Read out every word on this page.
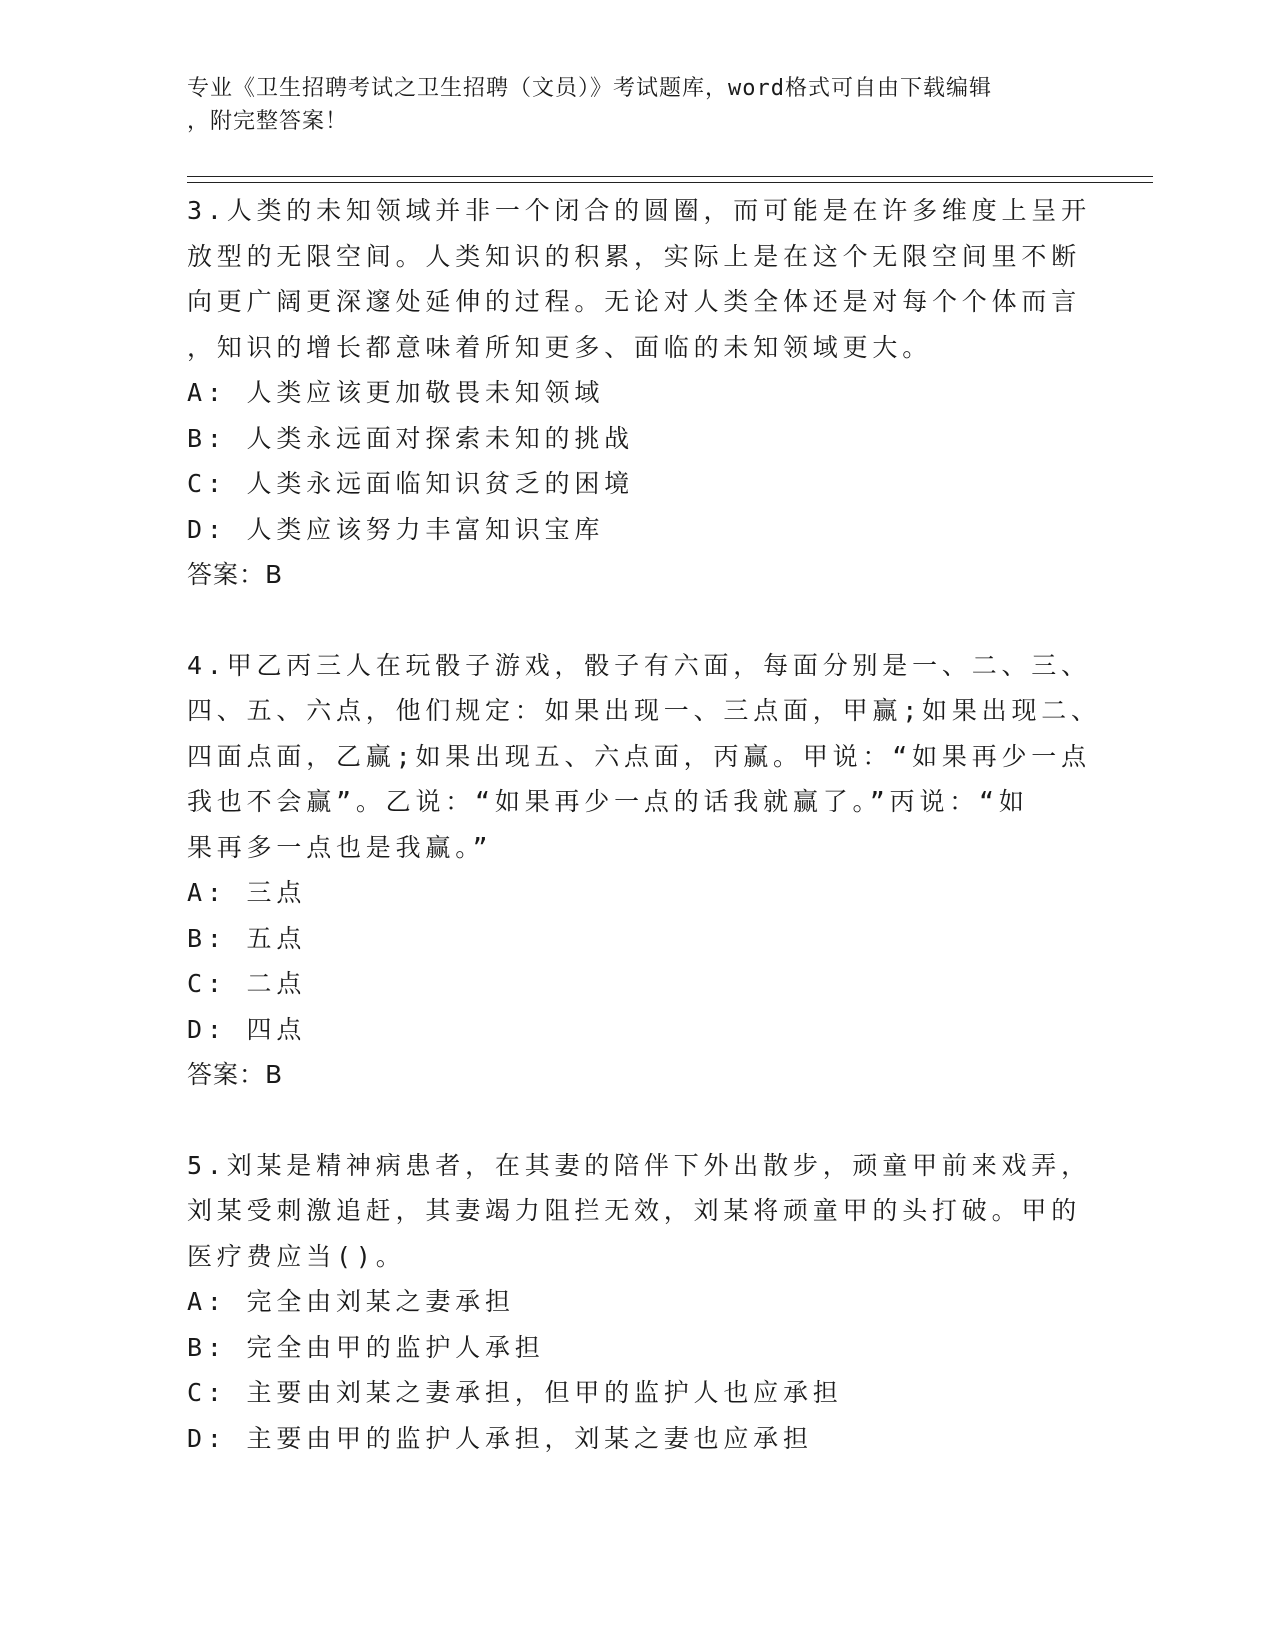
专业《卫生招聘考试之卫生招聘（文员）》考试题库，word格式可自由下载编辑
，附完整答案！
3.人类的未知领域并非一个闭合的圆圈，而可能是在许多维度上呈开
放型的无限空间。人类知识的积累，实际上是在这个无限空间里不断
向更广阔更深邃处延伸的过程。无论对人类全体还是对每个个体而言
，知识的增长都意味着所知更多、面临的未知领域更大。
A: 人类应该更加敬畏未知领域
B: 人类永远面对探索未知的挑战
C: 人类永远面临知识贫乏的困境
D: 人类应该努力丰富知识宝库
答案：B
4.甲乙丙三人在玩骰子游戏，骰子有六面，每面分别是一、二、三、
四、五、六点，他们规定：如果出现一、三点面，甲赢;如果出现二、
四面点面，乙赢;如果出现五、六点面，丙赢。甲说：“如果再少一点
我也不会赢”。乙说：“如果再少一点的话我就赢了。”丙说：“如
果再多一点也是我赢。”
A: 三点
B: 五点
C: 二点
D: 四点
答案：B
5.刘某是精神病患者，在其妻的陪伴下外出散步，顽童甲前来戏弄，
刘某受刺激追赶，其妻竭力阻拦无效，刘某将顽童甲的头打破。甲的
医疗费应当()。
A: 完全由刘某之妻承担
B: 完全由甲的监护人承担
C: 主要由刘某之妻承担，但甲的监护人也应承担
D: 主要由甲的监护人承担，刘某之妻也应承担
